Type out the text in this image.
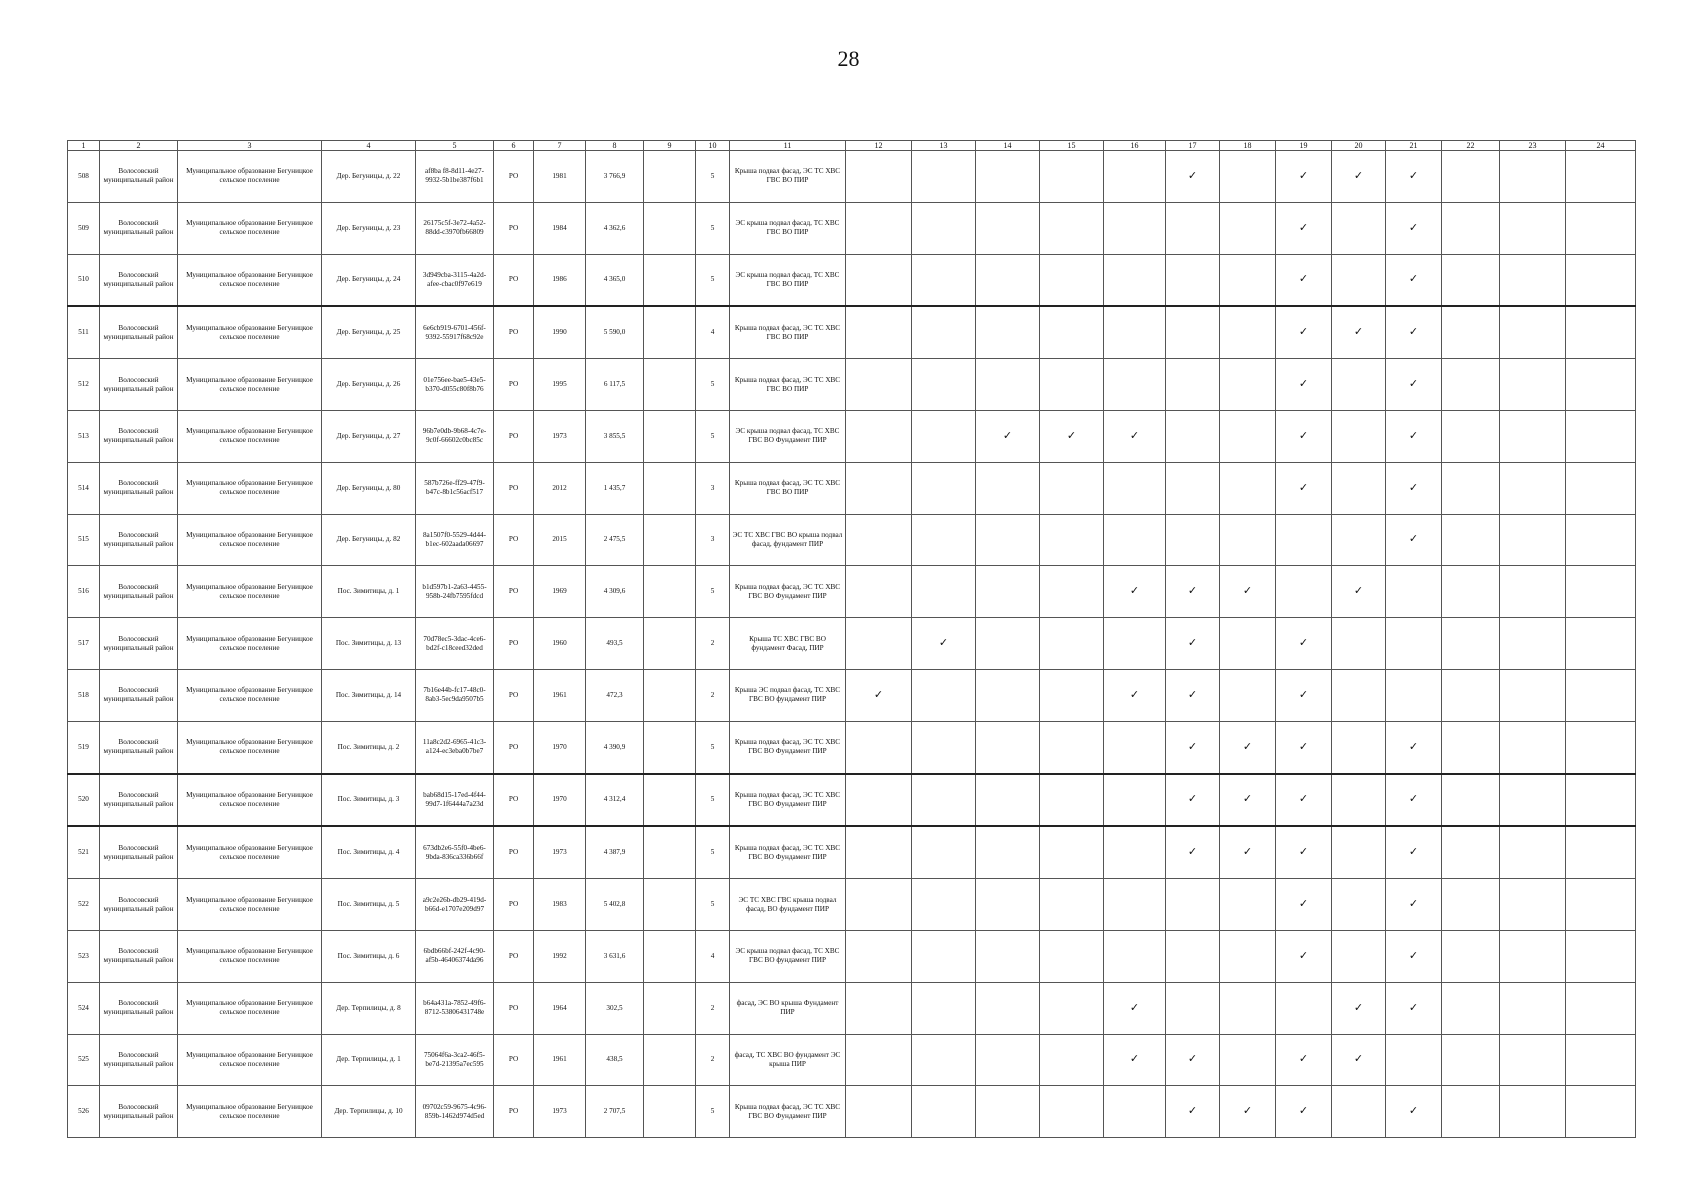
28
1	2	3	4	5	6	7	8	9	10	11	12	13	14	15	16	17	18	19	20	21	22	23	24
508	Волосовский муниципальный район	Муниципальное образование Бегуницкое сельское поселение	Дер. Бегуницы, д. 22	af8ba f8-8d11-4e27-9932-5b1be387f6b1	РО	1981	3 766,9		5	Крыша подвал фасад, ЭС ТС ХВС ГВС ВО ПИР						✓		✓	✓	✓			
509	Волосовский муниципальный район	Муниципальное образование Бегуницкое сельское поселение	Дер. Бегуницы, д. 23	26175c5f-3e72-4a52-88dd-c3970fb66809	РО	1984	4 362,6		5	ЭС крыша подвал фасад, ТС ХВС ГВС ВО ПИР								✓		✓			
510	Волосовский муниципальный район	Муниципальное образование Бегуницкое сельское поселение	Дер. Бегуницы, д. 24	3d949cba-3115-4a2d-afee-cbac0f97e619	РО	1986	4 365,0		5	ЭС крыша подвал фасад, ТС ХВС ГВС ВО ПИР								✓		✓			
511	Волосовский муниципальный район	Муниципальное образование Бегуницкое сельское поселение	Дер. Бегуницы, д. 25	6e6cb919-6701-456f-9392-55917f68c92e	РО	1990	5 590,0		4	Крыша подвал фасад, ЭС ТС ХВС ГВС ВО ПИР								✓	✓	✓			
512	Волосовский муниципальный район	Муниципальное образование Бегуницкое сельское поселение	Дер. Бегуницы, д. 26	01e756ee-bae5-43e5-b370-d055c80f8b76	РО	1995	6 117,5		5	Крыша подвал фасад, ЭС ТС ХВС ГВС ВО ПИР								✓		✓			
513	Волосовский муниципальный район	Муниципальное образование Бегуницкое сельское поселение	Дер. Бегуницы, д. 27	96b7e0db-9b68-4c7e-9c0f-66602c0bc85c	РО	1973	3 855,5		5	ЭС крыша подвал фасад, ТС ХВС ГВС ВО Фундамент ПИР			✓	✓	✓			✓		✓			
514	Волосовский муниципальный район	Муниципальное образование Бегуницкое сельское поселение	Дер. Бегуницы, д. 80	587b726e-ff29-47f9-b47c-8b1c56acf517	РО	2012	1 435,7		3	Крыша подвал фасад, ЭС ТС ХВС ГВС ВО ПИР								✓		✓			
515	Волосовский муниципальный район	Муниципальное образование Бегуницкое сельское поселение	Дер. Бегуницы, д. 82	8a1507f0-5529-4d44-b1ec-602aada06697	РО	2015	2 475,5		3	ЭС ТС ХВС ГВС ВО крыша подвал фасад, фундамент ПИР										✓			
516	Волосовский муниципальный район	Муниципальное образование Бегуницкое сельское поселение	Пос. Зимитицы, д. 1	b1d597b1-2a63-4455-958b-24fb7595fdcd	РО	1969	4 309,6		5	Крыша подвал фасад, ЭС ТС ХВС ГВС ВО Фундамент ПИР					✓	✓	✓		✓				
517	Волосовский муниципальный район	Муниципальное образование Бегуницкое сельское поселение	Пос. Зимитицы, д. 13	70d78ec5-3dac-4ce6-bd2f-c18ceed32ded	РО	1960	493,5		2	Крыша ТС ХВС ГВС ВО фундамент Фасад, ПИР		✓				✓		✓					
518	Волосовский муниципальный район	Муниципальное образование Бегуницкое сельское поселение	Пос. Зимитицы, д. 14	7b16e44b-fc17-48c0-8ab3-5ec9da9507b5	РО	1961	472,3		2	Крыша ЭС подвал фасад, ТС ХВС ГВС ВО фундамент ПИР	✓				✓	✓		✓					
519	Волосовский муниципальный район	Муниципальное образование Бегуницкое сельское поселение	Пос. Зимитицы, д. 2	11a8c2d2-6965-41c3-a124-ec3eba0b7be7	РО	1970	4 390,9		5	Крыша подвал фасад, ЭС ТС ХВС ГВС ВО Фундамент ПИР						✓	✓	✓		✓			
520	Волосовский муниципальный район	Муниципальное образование Бегуницкое сельское поселение	Пос. Зимитицы, д. 3	bab68d15-17ed-4f44-99d7-1f6444a7a23d	РО	1970	4 312,4		5	Крыша подвал фасад, ЭС ТС ХВС ГВС ВО Фундамент ПИР						✓	✓	✓		✓			
521	Волосовский муниципальный район	Муниципальное образование Бегуницкое сельское поселение	Пос. Зимитицы, д. 4	673db2e6-55f0-4be6-9bda-836ca336b66f	РО	1973	4 387,9		5	Крыша подвал фасад, ЭС ТС ХВС ГВС ВО Фундамент ПИР						✓	✓	✓		✓			
522	Волосовский муниципальный район	Муниципальное образование Бегуницкое сельское поселение	Пос. Зимитицы, д. 5	a9c2e26b-db29-419d-b66d-e1707e209d97	РО	1983	5 402,8		5	ЭС ТС ХВС ГВС крыша подвал фасад, ВО фундамент ПИР								✓		✓			
523	Волосовский муниципальный район	Муниципальное образование Бегуницкое сельское поселение	Пос. Зимитицы, д. 6	6bdb66bf-242f-4c90-af5b-46406374da96	РО	1992	3 631,6		4	ЭС крыша подвал фасад, ТС ХВС ГВС ВО фундамент ПИР								✓		✓			
524	Волосовский муниципальный район	Муниципальное образование Бегуницкое сельское поселение	Дер. Терпилицы, д. 8	b64a431a-7852-49f6-8712-53806431748e	РО	1964	302,5		2	фасад, ЭС ВО крыша Фундамент ПИР					✓				✓	✓			
525	Волосовский муниципальный район	Муниципальное образование Бегуницкое сельское поселение	Дер. Терпилицы, д. 1	75064f6a-3ca2-46f5-be7d-21395a7ec595	РО	1961	438,5		2	фасад, ТС ХВС ВО фундамент ЭС крыша ПИР					✓	✓		✓	✓				
526	Волосовский муниципальный район	Муниципальное образование Бегуницкое сельское поселение	Дер. Терпилицы, д. 10	09702c59-9675-4c96-859b-1462d974d5ed	РО	1973	2 707,5		5	Крыша подвал фасад, ЭС ТС ХВС ГВС ВО Фундамент ПИР						✓	✓	✓		✓			
